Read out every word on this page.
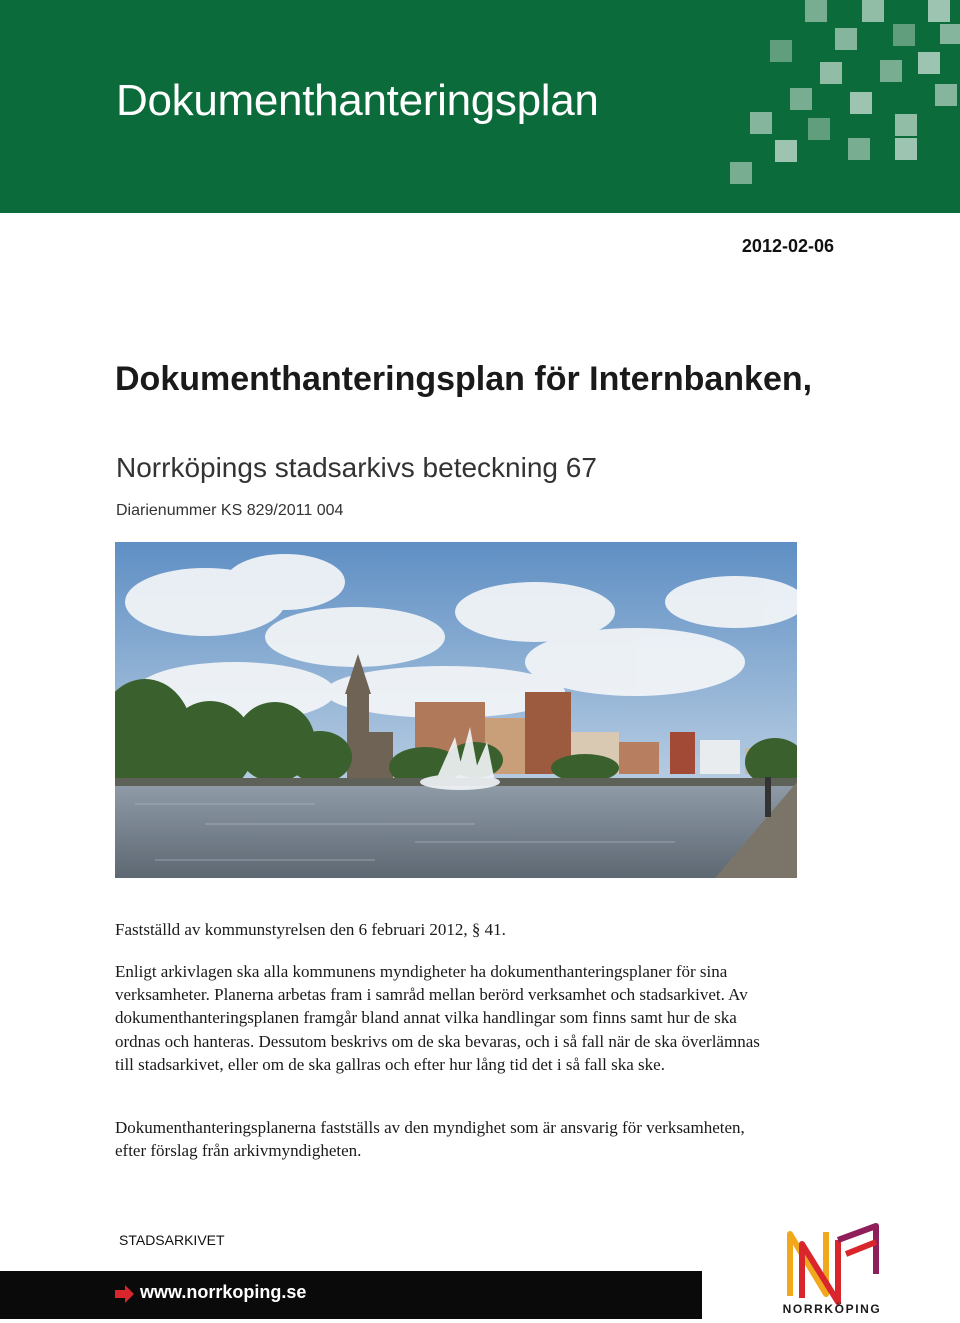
Dokumenthanteringsplan
2012-02-06
Dokumenthanteringsplan för Internbanken,
Norrköpings stadsarkivs beteckning 67
Diarienummer KS 829/2011 004
Fastställd av kommunstyrelsen den 6 februari 2012, § 41.
Enligt arkivlagen ska alla kommunens myndigheter ha dokumenthanteringsplaner för sina verksamheter. Planerna arbetas fram i samråd mellan berörd verksamhet och stadsarkivet. Av dokumenthanteringsplanen framgår bland annat vilka handlingar som finns samt hur de ska ordnas och hanteras. Dessutom beskrivs om de ska bevaras, och i så fall när de ska överlämnas till stadsarkivet, eller om de ska gallras och efter hur lång tid det i så fall ska ske.
Dokumenthanteringsplanerna fastställs av den myndighet som är ansvarig för verksamheten, efter förslag från arkivmyndigheten.
STADSARKIVET
www.norrkoping.se
NORRKÖPING
